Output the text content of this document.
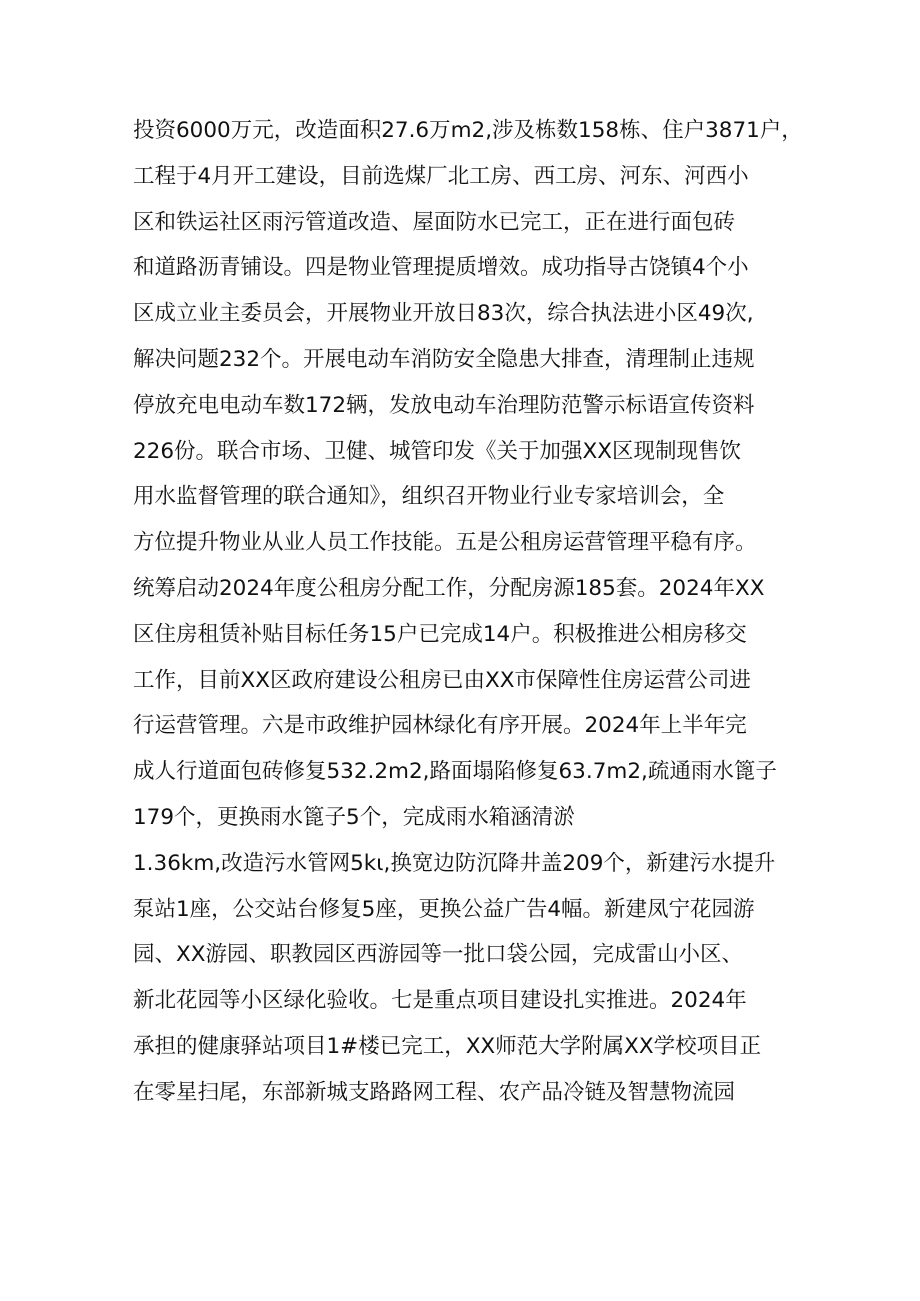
投资6000万元，改造面积27.6万m2,涉及栋数158栋、住户3871户，
工程于4月开工建设，目前选煤厂北工房、西工房、河东、河西小
区和铁运社区雨污管道改造、屋面防水已完工，正在进行面包砖
和道路沥青铺设。四是物业管理提质增效。成功指导古饶镇4个小
区成立业主委员会，开展物业开放日83次，综合执法进小区49次,
解决问题232个。开展电动车消防安全隐患大排查，清理制止违规
停放充电电动车数172辆，发放电动车治理防范警示标语宣传资料
226份。联合市场、卫健、城管印发《关于加强XX区现制现售饮
用水监督管理的联合通知》，组织召开物业行业专家培训会，全
方位提升物业从业人员工作技能。五是公租房运营管理平稳有序。
统筹启动2024年度公租房分配工作，分配房源185套。2024年XX
区住房租赁补贴目标任务15户已完成14户。积极推进公相房移交
工作，目前XX区政府建设公租房已由XX市保障性住房运营公司进
行运营管理。六是市政维护园林绿化有序开展。2024年上半年完
成人行道面包砖修复532.2m2,路面塌陷修复63.7m2,疏通雨水篦子
179个，更换雨水篦子5个，完成雨水箱涵清淤
1.36km,改造污水管网5kι,换宽边防沉降井盖209个，新建污水提升
泵站1座，公交站台修复5座，更换公益广告4幅。新建凤宁花园游
园、XX游园、职教园区西游园等一批口袋公园，完成雷山小区、
新北花园等小区绿化验收。七是重点项目建设扎实推进。2024年
承担的健康驿站项目1#楼已完工，XX师范大学附属XX学校项目正
在零星扫尾，东部新城支路路网工程、农产品冷链及智慧物流园
